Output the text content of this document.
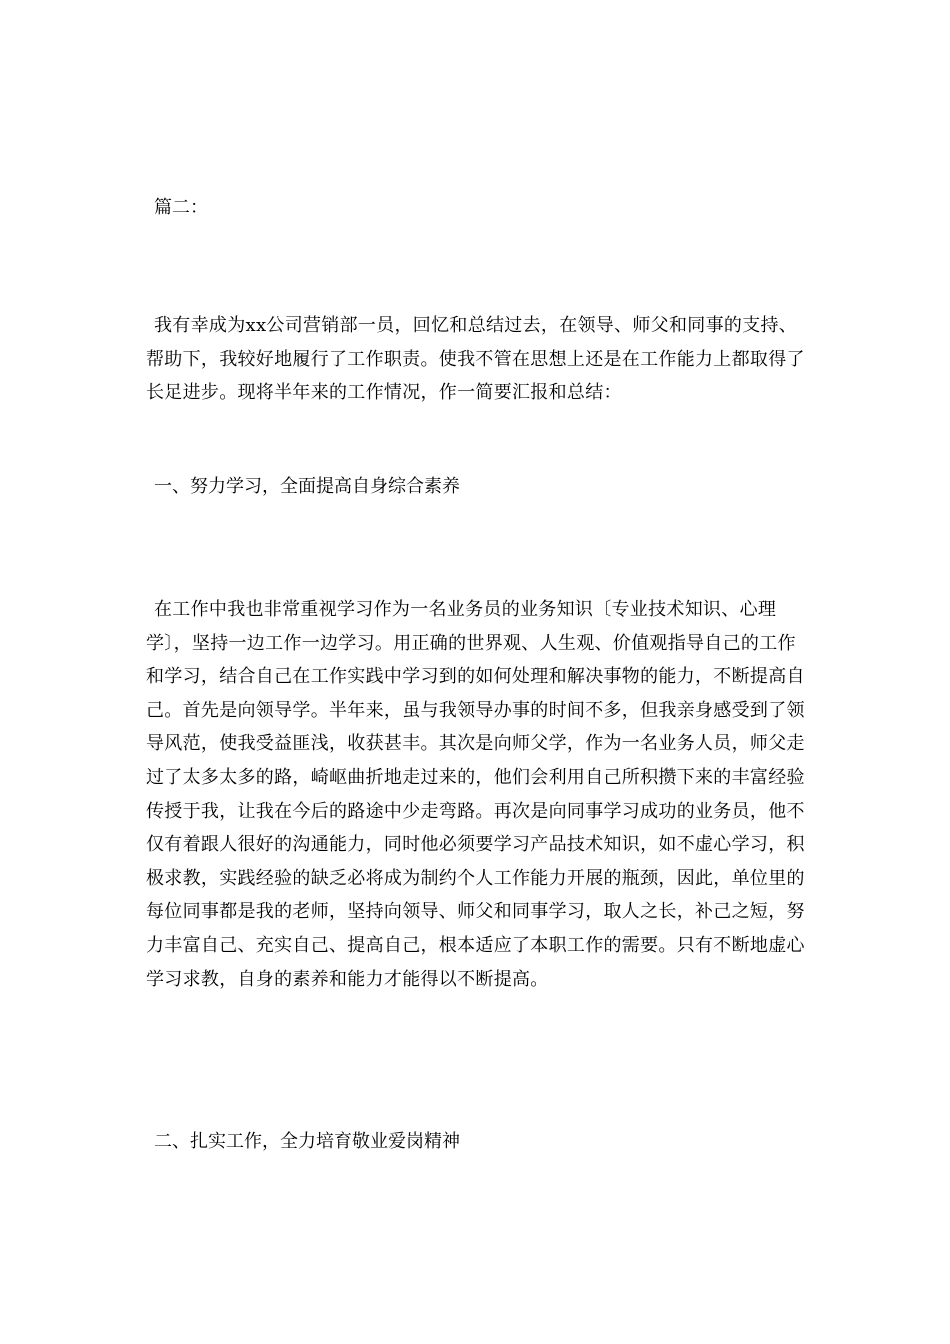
篇二：

我有幸成为xx公司营销部一员，回忆和总结过去，在领导、师父和同事的支持、帮助下，我较好地履行了工作职责。使我不管在思想上还是在工作能力上都取得了长足进步。现将半年来的工作情况，作一简要汇报和总结：

一、努力学习，全面提高自身综合素养

在工作中我也非常重视学习作为一名业务员的业务知识〔专业技术知识、心理学〕，坚持一边工作一边学习。用正确的世界观、人生观、价值观指导自己的工作和学习，结合自己在工作实践中学习到的如何处理和解决事物的能力，不断提高自己。首先是向领导学。半年来，虽与我领导办事的时间不多，但我亲身感受到了领导风范，使我受益匪浅，收获甚丰。其次是向师父学，作为一名业务人员，师父走过了太多太多的路，崎岖曲折地走过来的，他们会利用自己所积攒下来的丰富经验传授于我，让我在今后的路途中少走弯路。再次是向同事学习成功的业务员，他不仅有着跟人很好的沟通能力，同时他必须要学习产品技术知识，如不虚心学习，积极求教，实践经验的缺乏必将成为制约个人工作能力开展的瓶颈，因此，单位里的每位同事都是我的老师，坚持向领导、师父和同事学习，取人之长，补己之短，努力丰富自己、充实自己、提高自己，根本适应了本职工作的需要。只有不断地虚心学习求教，自身的素养和能力才能得以不断提高。

二、扎实工作，全力培育敬业爱岗精神
